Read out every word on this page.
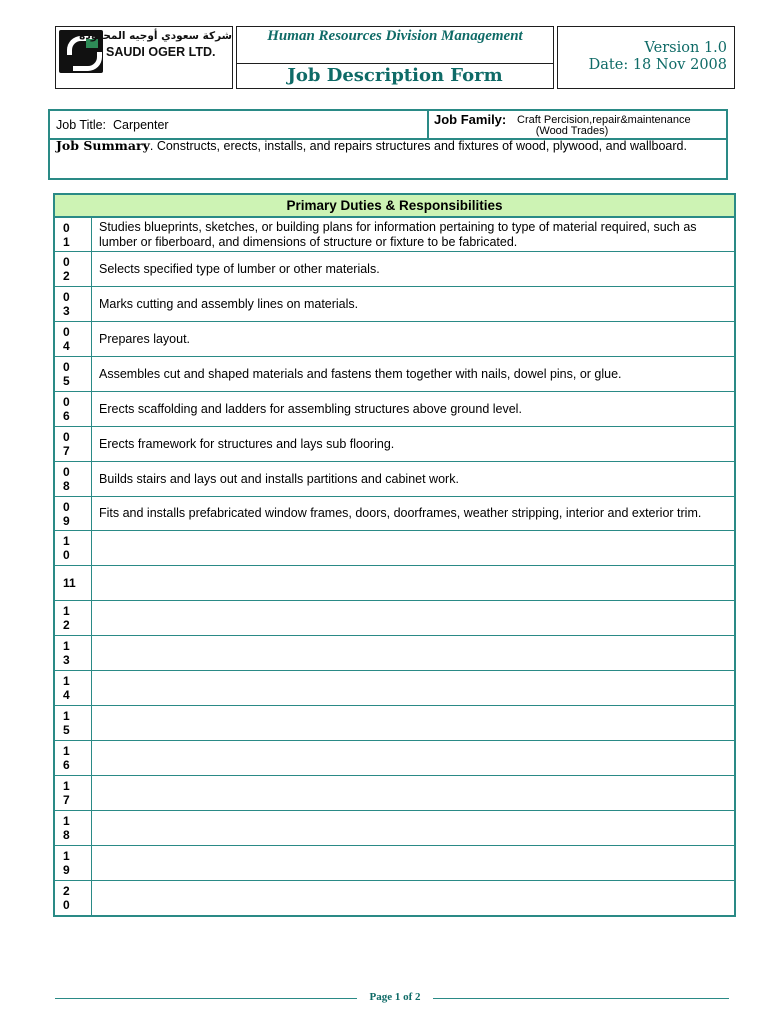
شركة سعودي أوجيه المحدودة
SAUDI OGER LTD.
Human Resources Division Management
Job Description Form
Version 1.0
Date: 18 Nov 2008
Job Title: Carpenter	Job Family: Craft Percision,repair&maintenance
(Wood Trades)
Job Summary. Constructs, erects, installs, and repairs structures and fixtures of wood, plywood, and wallboard.
Primary Duties & Responsibilities	
0
1	Studies blueprints, sketches, or building plans for information pertaining to type of material required, such as lumber or fiberboard, and dimensions of structure or fixture to be fabricated.
0
2	Selects specified type of lumber or other materials.
0
3	Marks cutting and assembly lines on materials.
0
4	Prepares layout.
0
5	Assembles cut and shaped materials and fastens them together with nails, dowel pins, or glue.
0
6	Erects scaffolding and ladders for assembling structures above ground level.
0
7	Erects framework for structures and lays sub flooring.
0
8	Builds stairs and lays out and installs partitions and cabinet work.
0
9	Fits and installs prefabricated window frames, doors, doorframes, weather stripping, interior and exterior trim.
1
0	
11	
1
2	
1
3	
1
4	
1
5	
1
6	
1
7	
1
8	
1
9	
2
0	
Page 1 of 2
